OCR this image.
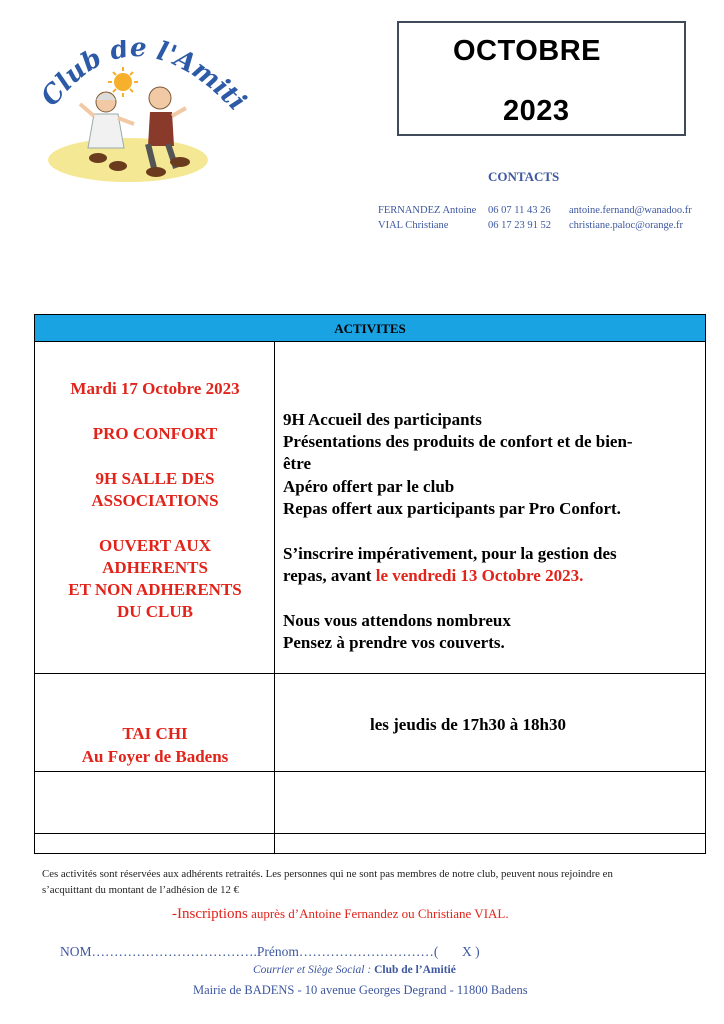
Club de l'Amit
OCTOBRE
2023
CONTACTS
FERNANDEZ Antoine 06 07 11 43 26 antoine.fernand@wanadoo.fr
VIAL Christiane	06 17 23 91 52 christiane.paloc@orange.fr
ACTIVITES
Mardi 17 Octobre 2023
PRO CONFORT
9H SALLE DES
ASSOCIATIONS
OUVERT AUX
ADHERENTS
ET NON ADHERENTS
DU CLUB
9H Accueil des participants
Présentations des produits de confort et de bien-
être
Apéro offert par le club
Repas offert aux participants par Pro Confort.
S’inscrire impérativement, pour la gestion des
repas, avant le vendredi 13 Octobre 2023.
Nous vous attendons nombreux
Pensez à prendre vos couverts.
TAI CHI
Au Foyer de Badens
les jeudis de 17h30 à 18h30
Ces activités sont réservées aux adhérents retraités. Les personnes qui ne sont pas membres de notre club, peuvent nous rejoindre en
s’acquittant du montant de l’adhésion de 12 €
-Inscriptions auprès d’Antoine Fernandez ou Christiane VIAL.
NOM……………………………….Prénom…………………………(       X )
Courrier et Siège Social : Club de l’Amitié
Mairie de BADENS - 10 avenue Georges Degrand - 11800 Badens
